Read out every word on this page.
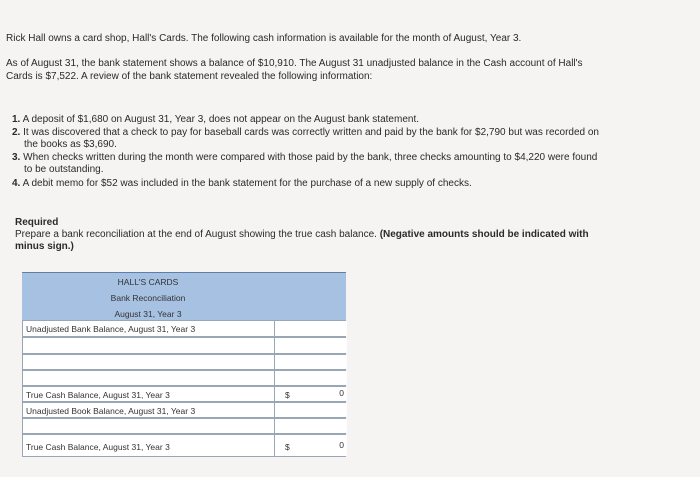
Rick Hall owns a card shop, Hall's Cards. The following cash information is available for the month of August, Year 3.
As of August 31, the bank statement shows a balance of $10,910. The August 31 unadjusted balance in the Cash account of Hall's
Cards is $7,522. A review of the bank statement revealed the following information:
1. A deposit of $1,680 on August 31, Year 3, does not appear on the August bank statement.
2. It was discovered that a check to pay for baseball cards was correctly written and paid by the bank for $2,790 but was recorded on
the books as $3,690.
3. When checks written during the month were compared with those paid by the bank, three checks amounting to $4,220 were found
to be outstanding.
4. A debit memo for $52 was included in the bank statement for the purchase of a new supply of checks.
Required
Prepare a bank reconciliation at the end of August showing the true cash balance. (Negative amounts should be indicated with
minus sign.)
HALL'S CARDS
Bank Reconciliation
August 31, Year 3
Unadjusted Bank Balance, August 31, Year 3
True Cash Balance, August 31, Year 3	$	0
Unadjusted Book Balance, August 31, Year 3
True Cash Balance, August 31, Year 3	$	0
